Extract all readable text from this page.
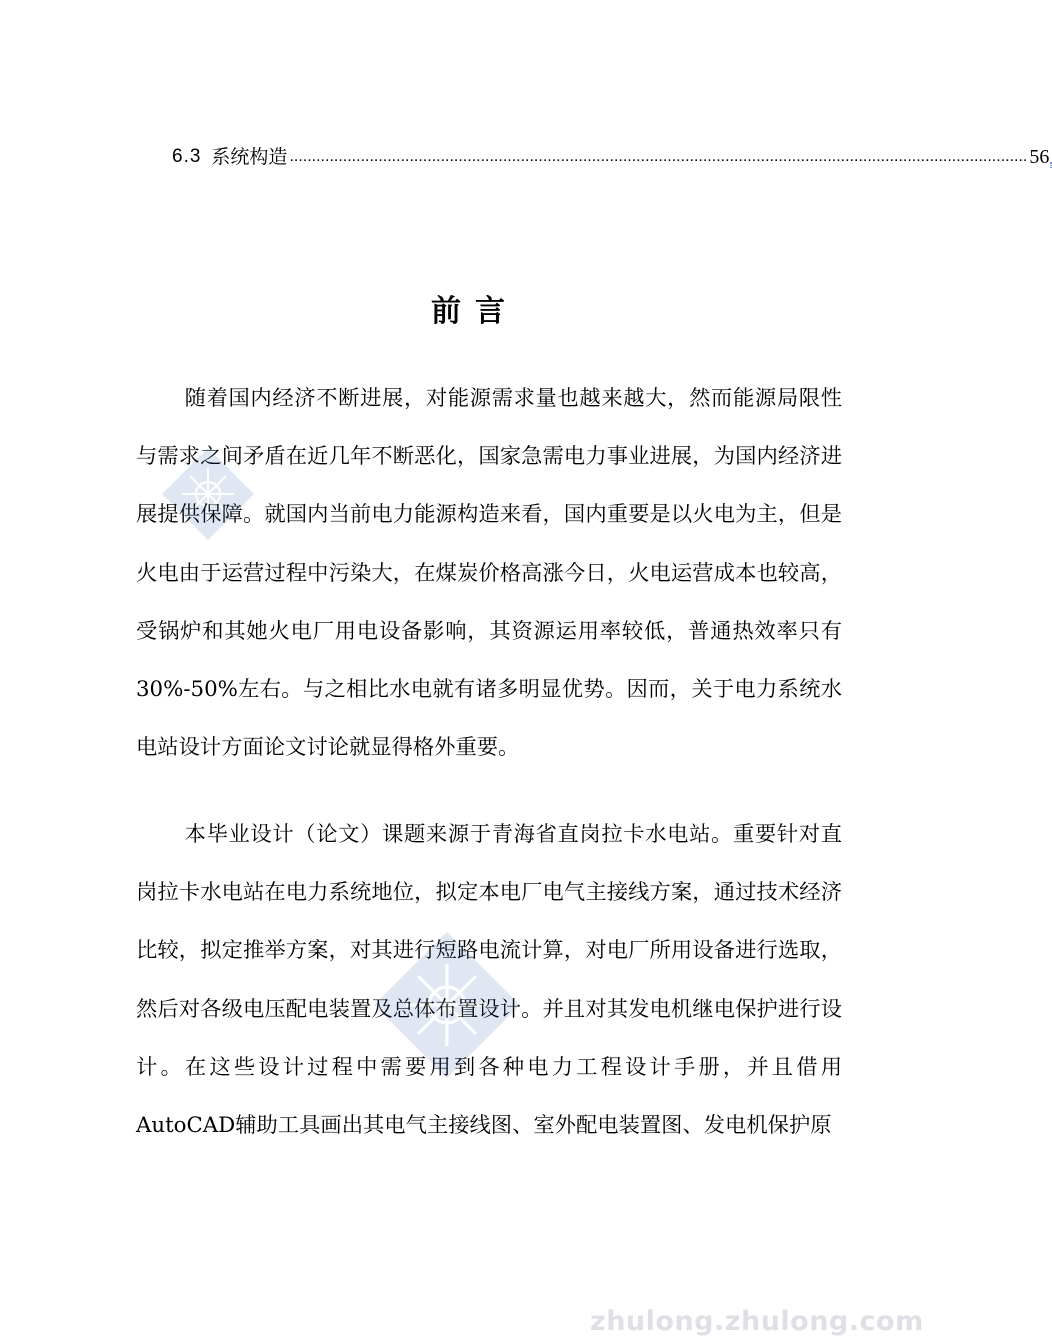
6.3 系统构造 ...................................................................................................................................................................... 56
前言
随着国内经济不断进展，对能源需求量也越来越大，然而能源局限性与需求之间矛盾在近几年不断恶化，国家急需电力事业进展，为国内经济进展提供保障。就国内当前电力能源构造来看，国内重要是以火电为主，但是火电由于运营过程中污染大，在煤炭价格高涨今日，火电运营成本也较高，受锅炉和其她火电厂用电设备影响，其资源运用率较低，普通热效率只有30%-50%左右。与之相比水电就有诸多明显优势。因而，关于电力系统水电站设计方面论文讨论就显得格外重要。
本毕业设计（论文）课题来源于青海省直岗拉卡水电站。重要针对直岗拉卡水电站在电力系统地位，拟定本电厂电气主接线方案，通过技术经济比较，拟定推举方案，对其进行短路电流计算，对电厂所用设备进行选取，然后对各级电压配电装置及总体布置设计。并且对其发电机继电保护进行设计。在这些设计过程中需要用到各种电力工程设计手册，并且借用AutoCAD辅助工具画出其电气主接线图、室外配电装置图、发电机保护原
zhulong.zhulong.com
